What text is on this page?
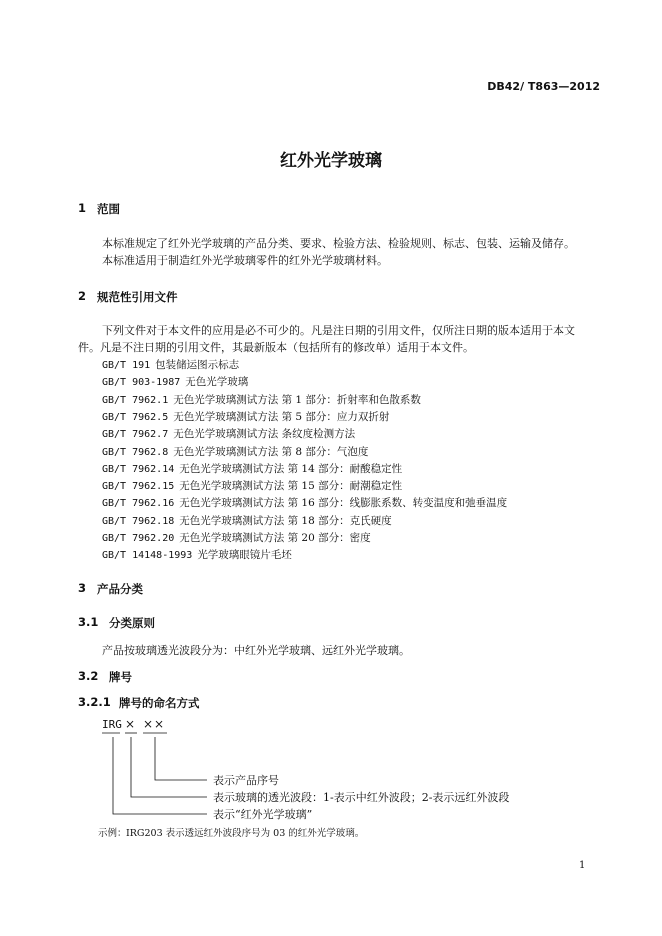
DB42/ T863—2012
红外光学玻璃
1 范围
本标准规定了红外光学玻璃的产品分类、要求、检验方法、检验规则、标志、包装、运输及储存。
本标准适用于制造红外光学玻璃零件的红外光学玻璃材料。
2 规范性引用文件
下列文件对于本文件的应用是必不可少的。凡是注日期的引用文件，仅所注日期的版本适用于本文
件。凡是不注日期的引用文件，其最新版本（包括所有的修改单）适用于本文件。
GB/T 191 包装储运图示标志
GB/T 903-1987 无色光学玻璃
GB/T 7962.1 无色光学玻璃测试方法 第 1 部分：折射率和色散系数
GB/T 7962.5 无色光学玻璃测试方法 第 5 部分：应力双折射
GB/T 7962.7 无色光学玻璃测试方法 条纹度检测方法
GB/T 7962.8 无色光学玻璃测试方法 第 8 部分：气泡度
GB/T 7962.14 无色光学玻璃测试方法 第 14 部分：耐酸稳定性
GB/T 7962.15 无色光学玻璃测试方法 第 15 部分：耐潮稳定性
GB/T 7962.16 无色光学玻璃测试方法 第 16 部分：线膨胀系数、转变温度和弛垂温度
GB/T 7962.18 无色光学玻璃测试方法 第 18 部分：克氏硬度
GB/T 7962.20 无色光学玻璃测试方法 第 20 部分：密度
GB/T 14148-1993 光学玻璃眼镜片毛坯
3 产品分类
3.1 分类原则
产品按玻璃透光波段分为：中红外光学玻璃、远红外光学玻璃。
3.2 牌号
3.2.1 牌号的命名方式
IRG × ××
表示产品序号
表示玻璃的透光波段：1-表示中红外波段；2-表示远红外波段
表示“红外光学玻璃”
示例： IRG203 表示透远红外波段序号为 03 的红外光学玻璃。
1
